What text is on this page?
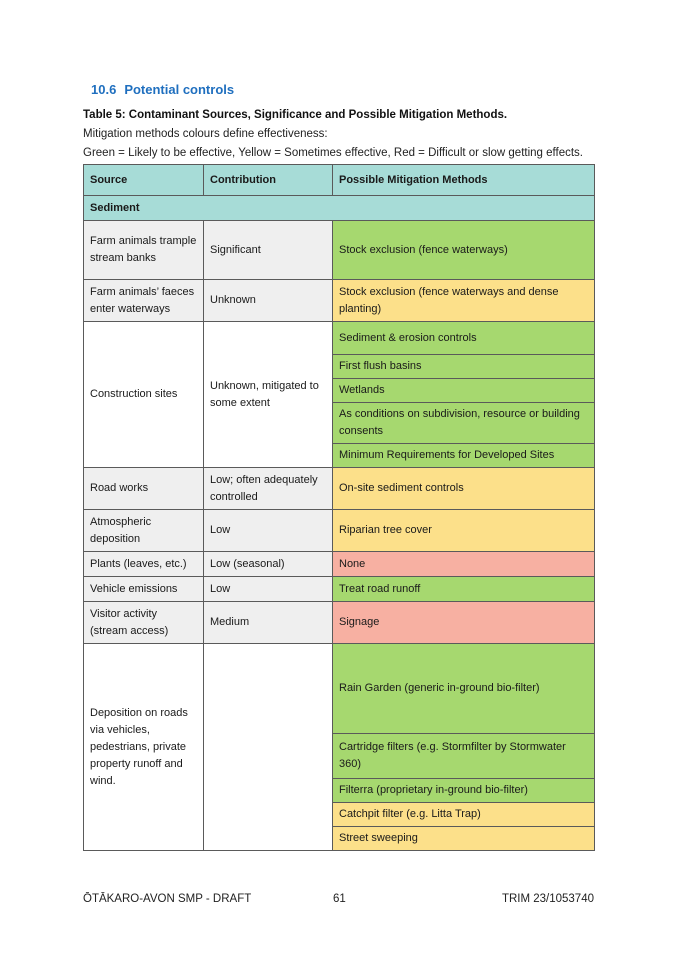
10.6 Potential controls
Table 5: Contaminant Sources, Significance and Possible Mitigation Methods.
Mitigation methods colours define effectiveness:
Green = Likely to be effective, Yellow = Sometimes effective, Red = Difficult or slow getting effects.
Source	Contribution	Possible Mitigation Methods
Sediment		
Farm animals trample stream banks	Significant	Stock exclusion (fence waterways)
Farm animals’ faeces enter waterways	Unknown	Stock exclusion (fence waterways and dense planting)
Construction sites	Unknown, mitigated to some extent	Sediment & erosion controls
		First flush basins
		Wetlands
		As conditions on subdivision, resource or building consents
		Minimum Requirements for Developed Sites
Road works	Low; often adequately controlled	On-site sediment controls
Atmospheric deposition	Low	Riparian tree cover
Plants (leaves, etc.)	Low (seasonal)	None
Vehicle emissions	Low	Treat road runoff
Visitor activity (stream access)	Medium	Signage
Deposition on roads via vehicles, pedestrians, private property runoff and wind.		Rain Garden (generic in-ground bio-filter)
		Cartridge filters (e.g. Stormfilter by Stormwater 360)
		Filterra (proprietary in-ground bio-filter)
		Catchpit filter (e.g. Litta Trap)
		Street sweeping
ŌTĀKARO-AVON SMP - DRAFT	61	TRIM 23/1053740
